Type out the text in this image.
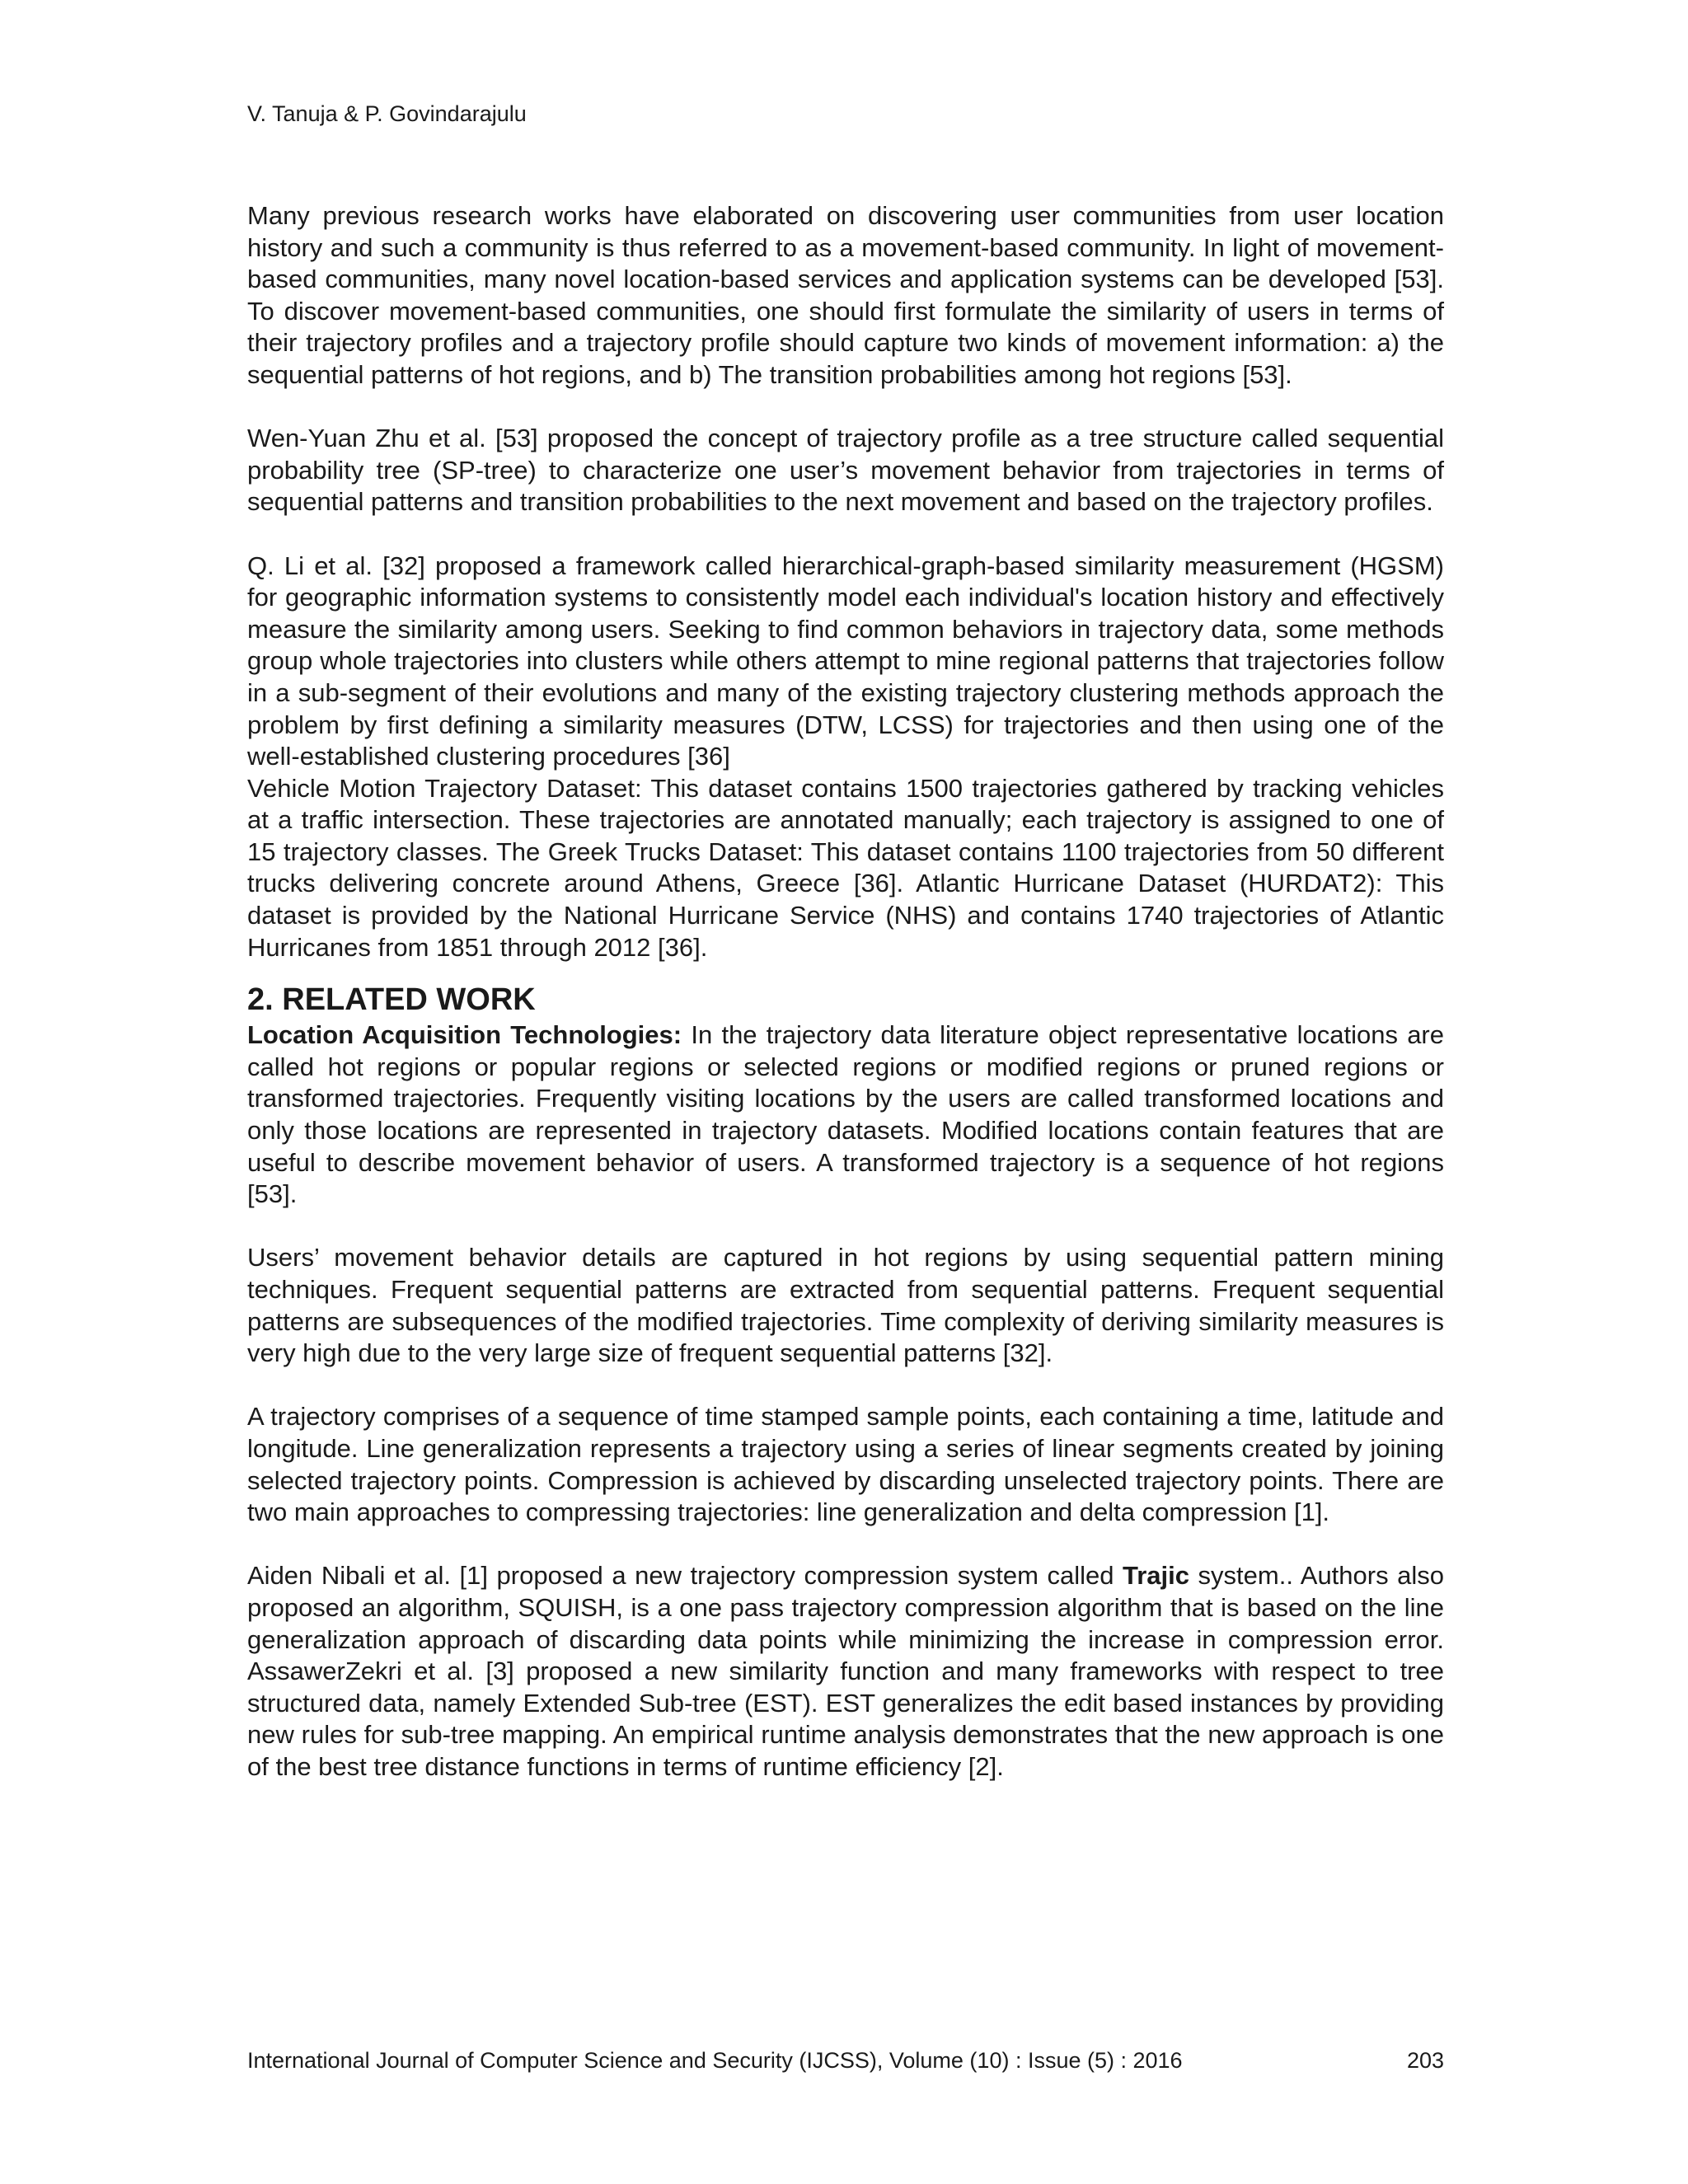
V. Tanuja & P. Govindarajulu

Many previous research works have elaborated on discovering user communities from user location history and such a community is thus referred to as a movement-based community. In light of movement-based communities, many novel location-based services and application systems can be developed [53]. To discover movement-based communities, one should first formulate the similarity of users in terms of their trajectory profiles and a trajectory profile should capture two kinds of movement information: a) the sequential patterns of hot regions, and b) The transition probabilities among hot regions [53].

Wen-Yuan Zhu et al. [53] proposed the concept of trajectory profile as a tree structure called sequential probability tree (SP-tree) to characterize one user’s movement behavior from trajectories in terms of sequential patterns and transition probabilities to the next movement and based on the trajectory profiles.

Q. Li et al. [32] proposed a framework called hierarchical-graph-based similarity measurement (HGSM) for geographic information systems to consistently model each individual's location history and effectively measure the similarity among users. Seeking to find common behaviors in trajectory data, some methods group whole trajectories into clusters while others attempt to mine regional patterns that trajectories follow in a sub-segment of their evolutions and many of the existing trajectory clustering methods approach the problem by first defining a similarity measures (DTW, LCSS) for trajectories and then using one of the well-established clustering procedures [36]

Vehicle Motion Trajectory Dataset: This dataset contains 1500 trajectories gathered by tracking vehicles at a traffic intersection. These trajectories are annotated manually; each trajectory is assigned to one of 15 trajectory classes. The Greek Trucks Dataset: This dataset contains 1100 trajectories from 50 different trucks delivering concrete around Athens, Greece [36]. Atlantic Hurricane Dataset (HURDAT2): This dataset is provided by the National Hurricane Service (NHS) and contains 1740 trajectories of Atlantic Hurricanes from 1851 through 2012 [36].

2. RELATED WORK

Location Acquisition Technologies: In the trajectory data literature object representative locations are called hot regions or popular regions or selected regions or modified regions or pruned regions or transformed trajectories. Frequently visiting locations by the users are called transformed locations and only those locations are represented in trajectory datasets. Modified locations contain features that are useful to describe movement behavior of users. A transformed trajectory is a sequence of hot regions [53].

Users’ movement behavior details are captured in hot regions by using sequential pattern mining techniques. Frequent sequential patterns are extracted from sequential patterns. Frequent sequential patterns are subsequences of the modified trajectories. Time complexity of deriving similarity measures is very high due to the very large size of frequent sequential patterns [32].

A trajectory comprises of a sequence of time stamped sample points, each containing a time, latitude and longitude. Line generalization represents a trajectory using a series of linear segments created by joining selected trajectory points. Compression is achieved by discarding unselected trajectory points. There are two main approaches to compressing trajectories: line generalization and delta compression [1].

Aiden Nibali et al. [1] proposed a new trajectory compression system called Trajic system.. Authors also proposed an algorithm, SQUISH, is a one pass trajectory compression algorithm that is based on the line generalization approach of discarding data points while minimizing the increase in compression error. AssawerZekri et al. [3] proposed a new similarity function and many frameworks with respect to tree structured data, namely Extended Sub-tree (EST). EST generalizes the edit based instances by providing new rules for sub-tree mapping. An empirical runtime analysis demonstrates that the new approach is one of the best tree distance functions in terms of runtime efficiency [2].

International Journal of Computer Science and Security (IJCSS), Volume (10) : Issue (5) : 2016	203
